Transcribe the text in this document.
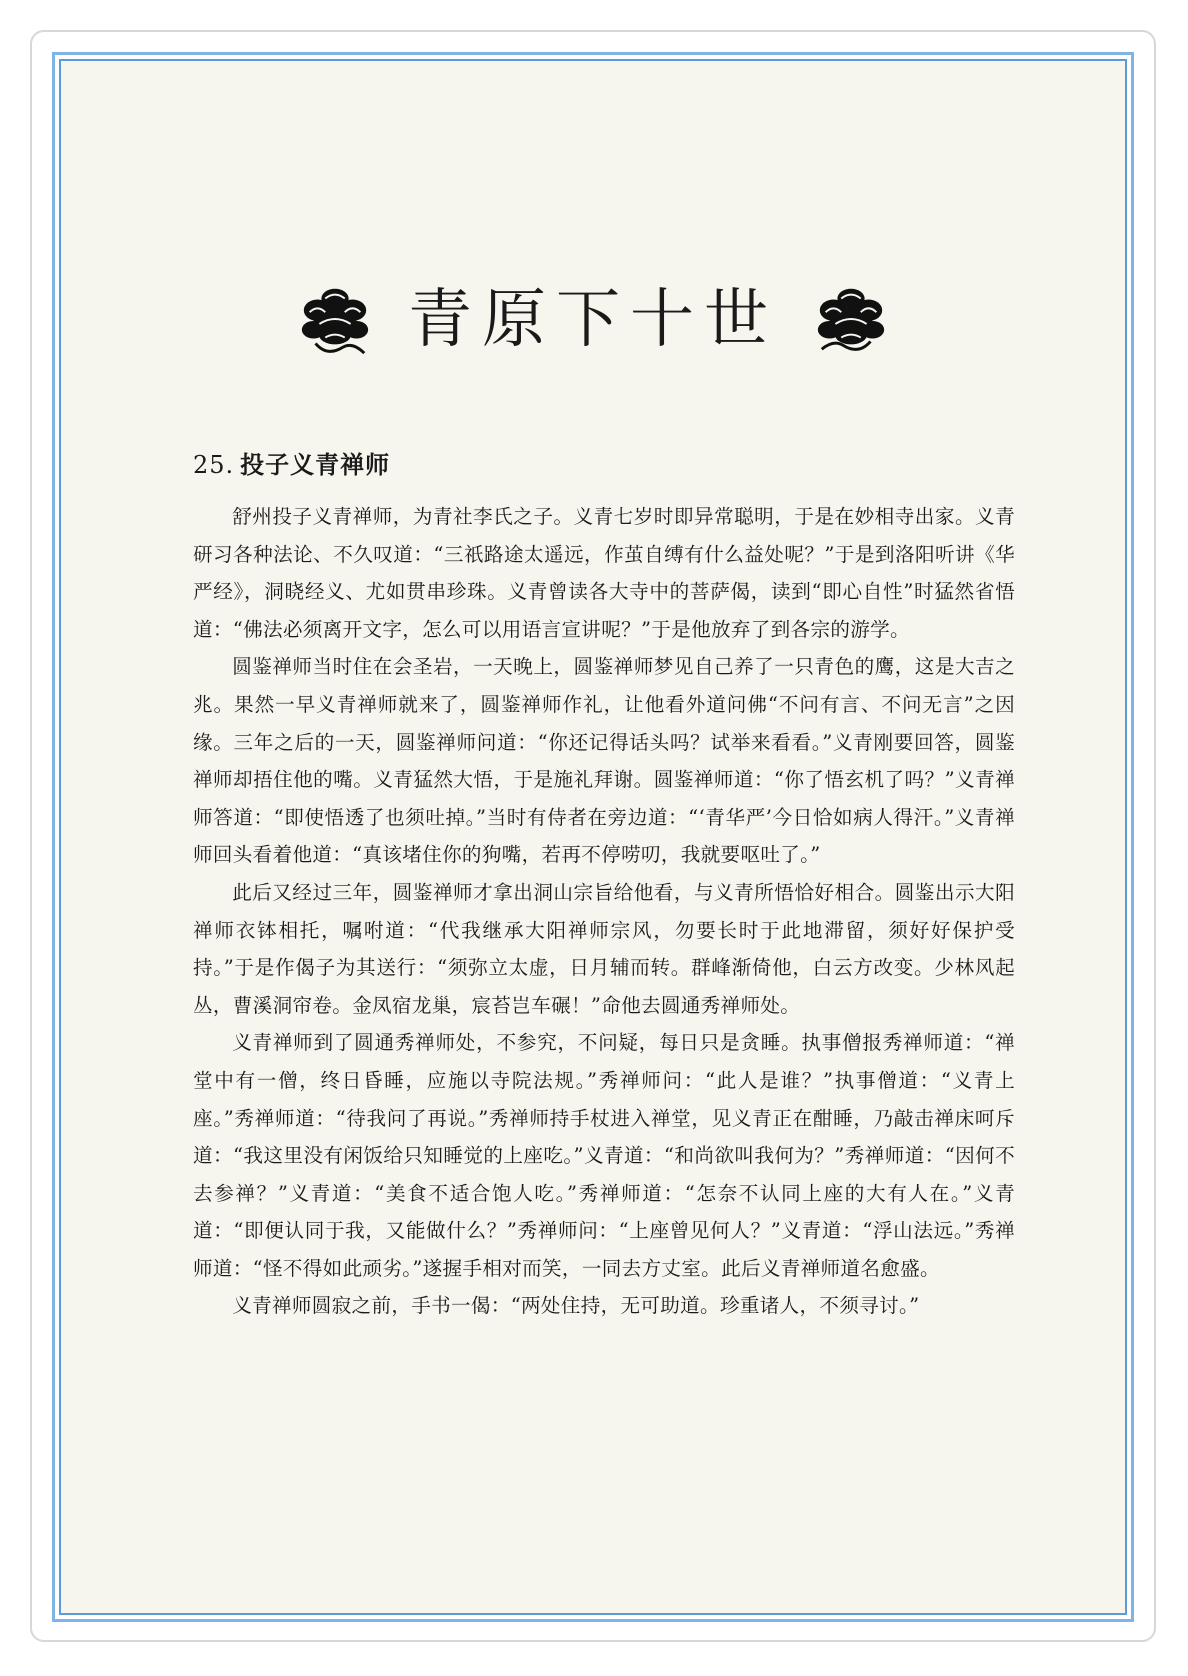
青原下十世
25. 投子义青禅师

舒州投子义青禅师，为青社李氏之子。义青七岁时即异常聪明，于是在妙相寺出家。义青研习各种法论、不久叹道：“三祇路途太遥远，作茧自缚有什么益处呢？”于是到洛阳听讲《华严经》，洞晓经义、尤如贯串珍珠。义青曾读各大寺中的菩萨偈，读到“即心自性”时猛然省悟道：“佛法必须离开文字，怎么可以用语言宣讲呢？”于是他放弃了到各宗的游学。

圆鉴禅师当时住在会圣岩，一天晚上，圆鉴禅师梦见自己养了一只青色的鹰，这是大吉之兆。果然一早义青禅师就来了，圆鉴禅师作礼，让他看外道问佛“不问有言、不问无言”之因缘。三年之后的一天，圆鉴禅师问道：“你还记得话头吗？试举来看看。”义青刚要回答，圆鉴禅师却捂住他的嘴。义青猛然大悟，于是施礼拜谢。圆鉴禅师道：“你了悟玄机了吗？”义青禅师答道：“即使悟透了也须吐掉。”当时有侍者在旁边道：“‘青华严’今日恰如病人得汗。”义青禅师回头看着他道：“真该堵住你的狗嘴，若再不停唠叨，我就要呕吐了。”

此后又经过三年，圆鉴禅师才拿出洞山宗旨给他看，与义青所悟恰好相合。圆鉴出示大阳禅师衣钵相托，嘱咐道：“代我继承大阳禅师宗风，勿要长时于此地滞留，须好好保护受持。”于是作偈子为其送行：“须弥立太虚，日月辅而转。群峰渐倚他，白云方改变。少林风起丛，曹溪洞帘卷。金凤宿龙巢，宸苔岂车碾！”命他去圆通秀禅师处。

义青禅师到了圆通秀禅师处，不参究，不问疑，每日只是贪睡。执事僧报秀禅师道：“禅堂中有一僧，终日昏睡，应施以寺院法规。”秀禅师问：“此人是谁？”执事僧道：“义青上座。”秀禅师道：“待我问了再说。”秀禅师持手杖进入禅堂，见义青正在酣睡，乃敲击禅床呵斥道：“我这里没有闲饭给只知睡觉的上座吃。”义青道：“和尚欲叫我何为？”秀禅师道：“因何不去参禅？”义青道：“美食不适合饱人吃。”秀禅师道：“怎奈不认同上座的大有人在。”义青道：“即便认同于我，又能做什么？”秀禅师问：“上座曾见何人？”义青道：“浮山法远。”秀禅师道：“怪不得如此顽劣。”遂握手相对而笑，一同去方丈室。此后义青禅师道名愈盛。

义青禅师圆寂之前，手书一偈：“两处住持，无可助道。珍重诸人，不须寻讨。”
